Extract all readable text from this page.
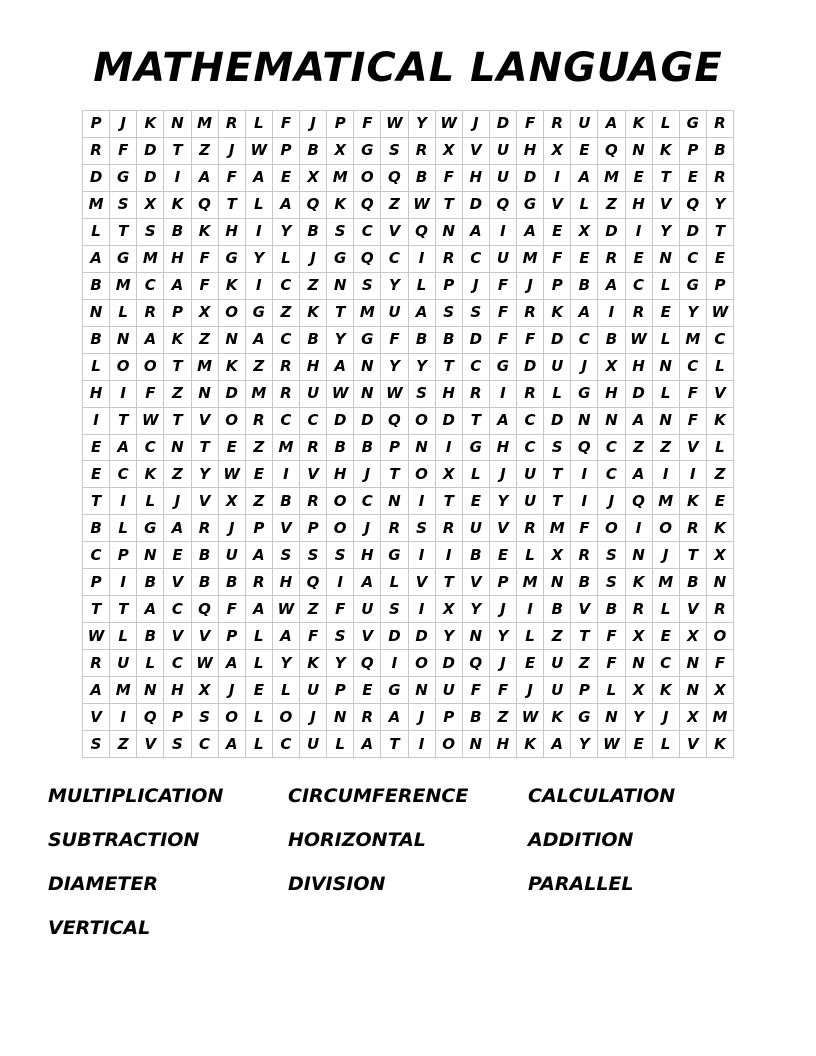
MATHEMATICAL LANGUAGE
P	J	K	N M R	L	F	J	P	F W Y W	J	D	F	R	U	A	K	L	G	R
R	F	D	T	Z	J	W P	B	X	G	S	R	X	V	U H	X	E	Q N	K	P	B
D G D	I	A	F	A	E	X M O Q	B	F	H U D	I	A M E	T	E	R
M S	X	K Q	T	L	A Q K Q	Z W T	D Q G	V	L	Z	H	V Q	Y
L	T	S	B	K	H	I	Y	B	S	C	V Q N	A	I	A	E	X	D	I	Y	D	T
A	G M H	F	G	Y	L	J	G Q	C	I	R	C	U M F	E	R	E	N	C	E
B M C	A	F	K	I	C	Z	N	S	Y	L	P	J	F	J	P	B	A	C	L	G	P
N	L	R	P	X O G	Z	K	T M U	A	S	S	F	R	K	A	I	R	E	Y W
B	N	A	K	Z	N	A	C	B	Y	G	F	B	B	D	F	F	D	C	B W L M C
L	O O	T M K	Z	R	H	A	N	Y	Y	T	C	G D U	J	X	H N	C	L
H	I	F	Z	N D M R	U W N W S	H	R	I	R	L	G H D	L	F	V
I	T W T	V O R	C	C	D D Q O D	T	A	C	D N N	A	N	F	K
E	A	C	N	T	E	Z M R	B	B	P	N	I	G H	C	S	Q	C	Z	Z	V	L
E	C	K	Z	Y W E	I	V	H	J	T	O X	L	J	U	T	I	C	A	I	I	Z
T	I	L	J	V	X	Z	B	R O	C	N	I	T	E	Y	U	T	I	J	Q M K	E
B	L	G	A	R	J	P	V	P	O	J	R	S	R	U	V	R M F	O	I	O R	K
C	P	N	E	B	U	A	S	S	S	H G	I	I	B	E	L	X	R	S	N	J	T	X
P	I	B	V	B	B	R	H Q	I	A	L	V	T	V	P M N	B	S	K M B	N
T	T	A	C	Q	F	A W Z	F	U	S	I	X	Y	J	I	B	V	B	R	L	V	R
W L	B	V	V	P	L	A	F	S	V	D D	Y	N	Y	L	Z	T	F	X	E	X O
R	U	L	C W A	L	Y	K	Y	Q	I	O D Q	J	E	U	Z	F	N	C	N	F
A M N H	X	J	E	L	U	P	E	G N U	F	F	J	U	P	L	X	K	N	X
V	I	Q	P	S	O	L	O	J	N	R	A	J	P	B	Z W K	G N	Y	J	X M
S	Z	V	S	C	A	L	C	U	L	A	T	I	O N H	K	A	Y W E	L	V	K
MULTIPLICATION	CIRCUMFERENCE	CALCULATION
SUBTRACTION	HORIZONTAL	ADDITION
DIAMETER	DIVISION	PARALLEL
VERTICAL
